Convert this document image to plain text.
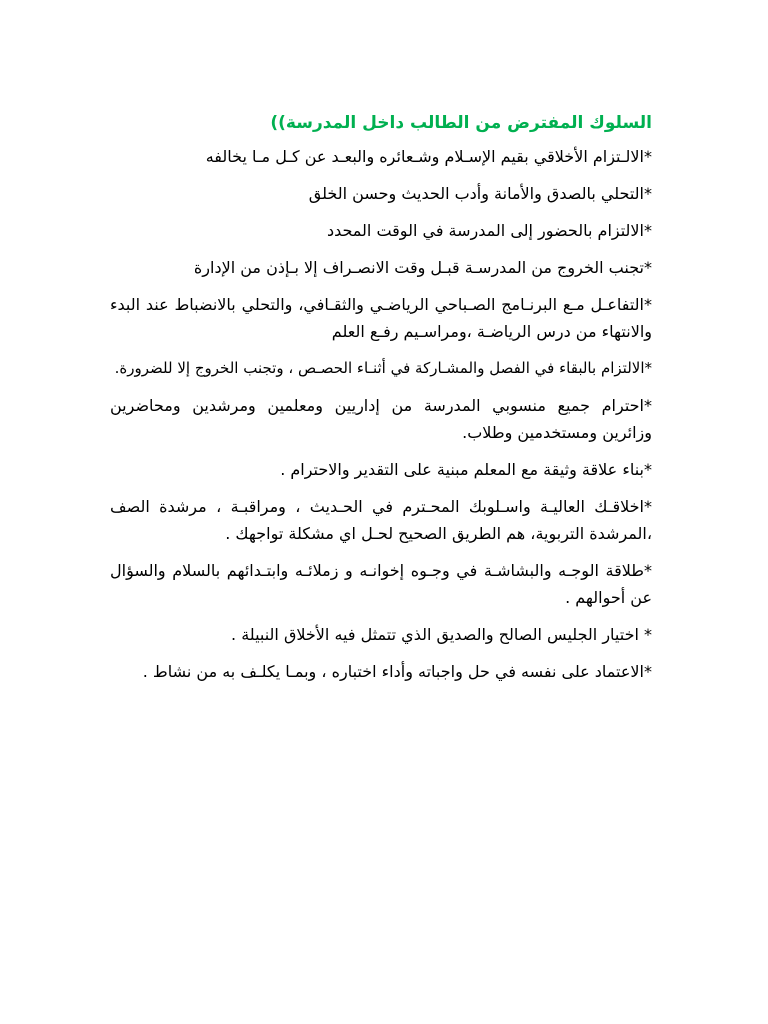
السلوك المفترض من الطالب داخل المدرسة))
*الالـتزام الأخلاقي بقيم الإسـلام وشـعائره والبعـد عن كـل مـا يخالفه
*التحلي بالصدق والأمانة وأدب الحديث وحسن الخلق
*الالتزام بالحضور إلى المدرسة في الوقت المحدد
*تجنب الخروج من المدرسـة قبـل وقت الانصـراف إلا بـإذن من الإدارة
*التفاعـل مـع البرنـامج الصـباحي الرياضـي والثقـافي، والتحلي بالانضباط عند البدء والانتهاء من درس الرياضـة ،ومراسـيم رفـع العلم
*الالتزام بالبقاء في الفصل والمشـاركة في أثنـاء الحصـص ، وتجنب الخروج إلا للضرورة.
*احترام جميع منسوبي المدرسة من إداريين ومعلمين ومرشدين ومحاضرين وزائرين ومستخدمين وطلاب.
*بناء علاقة وثيقة مع المعلم مبنية على التقدير والاحترام .
*اخلاقـك العاليـة واسـلوبك المحـترم في الحـديث ، ومراقبـة ، مرشدة الصف ،المرشدة التربوية، هم الطريق الصحيح لحـل اي مشكلة تواجهك .
*طلاقة الوجـه والبشاشـة في وجـوه إخوانـه و زملائـه وابتـدائهم بالسلام والسؤال عن أحوالهم .
* اختيار الجليس الصالح والصديق الذي تتمثل فيه الأخلاق النبيلة .
*الاعتماد على نفسه في حل واجباته وأداء اختباره ، وبمـا يكلـف به من نشاط .
